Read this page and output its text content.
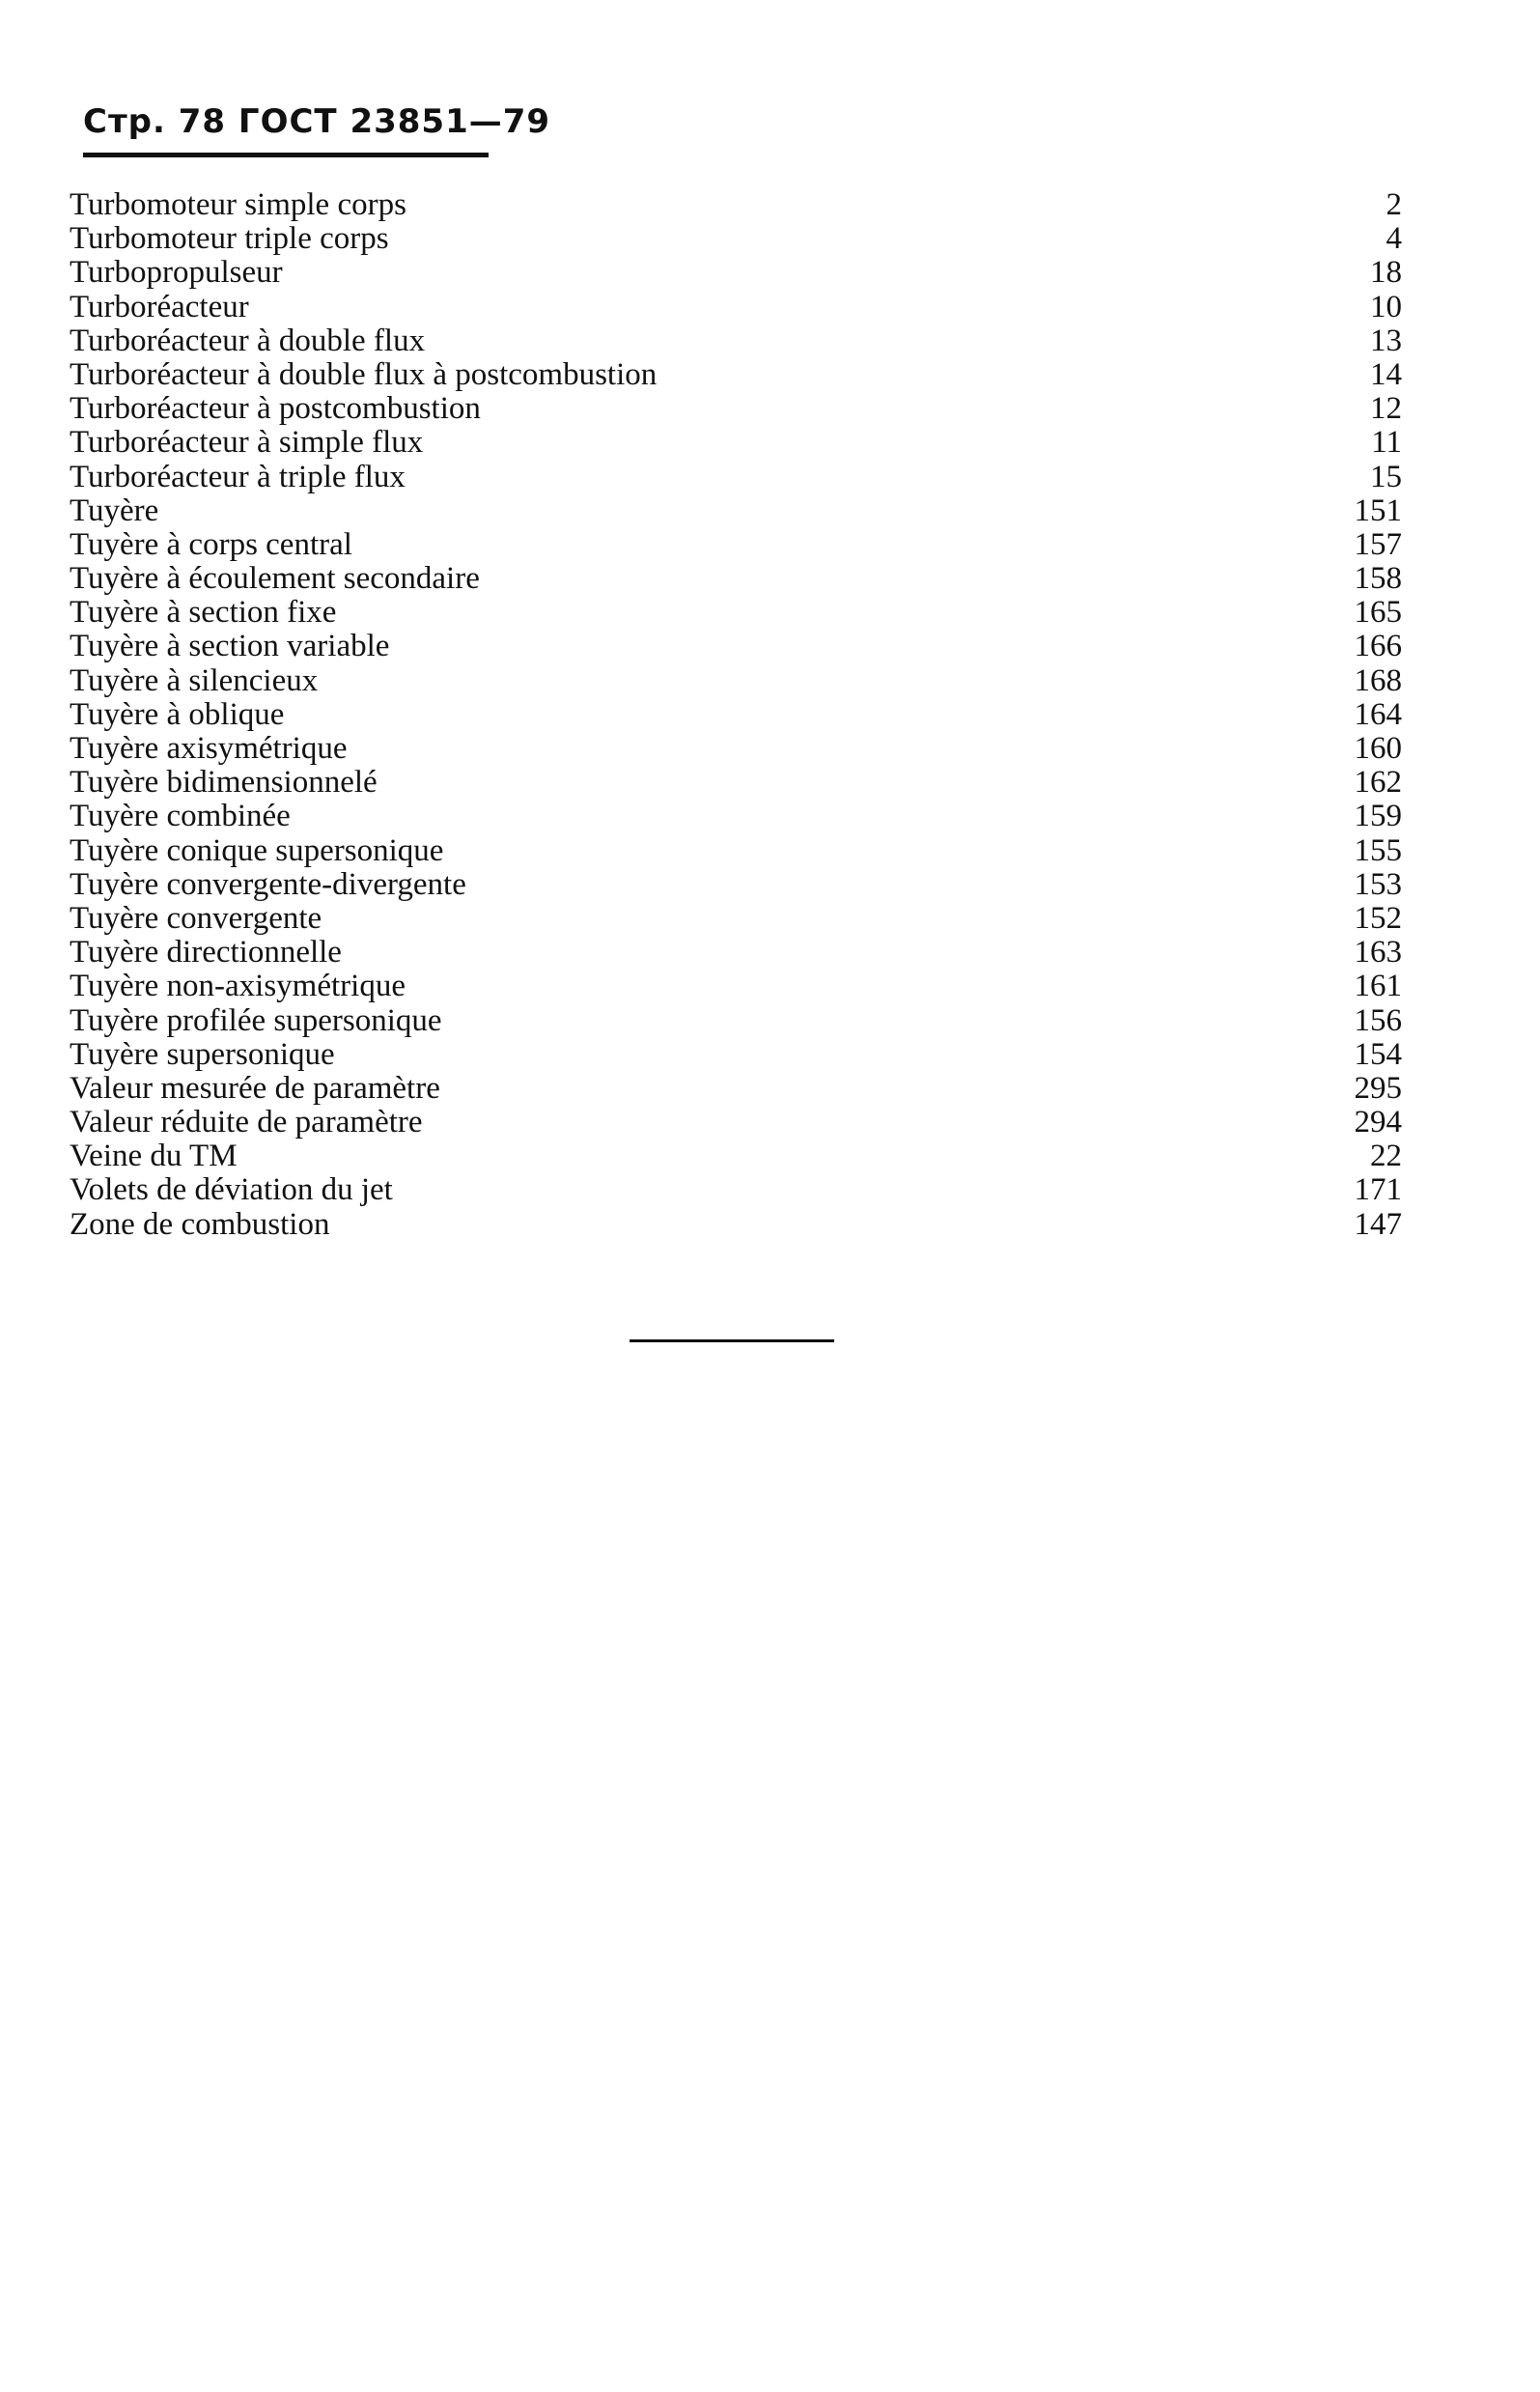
Стр. 78 ГОСТ 23851—79
Turbomoteur simple corps	2
Turbomoteur triple corps	4
Turbopropulseur	18
Turboréacteur	10
Turboréacteur à double flux	13
Turboréacteur à double flux à postcombustion	14
Turboréacteur à postcombustion	12
Turboréacteur à simple flux	11
Turboréacteur à triple flux	15
Tuyère	151
Tuyère à corps central	157
Tuyère à écoulement secondaire	158
Tuyère à section fixe	165
Tuyère à section variable	166
Tuyère à silencieux	168
Tuyère à oblique	164
Tuyère axisymétrique	160
Tuyère bidimensionnelé	162
Tuyère combinée	159
Tuyère conique supersonique	155
Tuyère convergente-divergente	153
Tuyère convergente	152
Tuyère directionnelle	163
Tuyère non-axisymétrique	161
Tuyère profilée supersonique	156
Tuyère supersonique	154
Valeur mesurée de paramètre	295
Valeur réduite de paramètre	294
Veine du TM	22
Volets de déviation du jet	171
Zone de combustion	147
